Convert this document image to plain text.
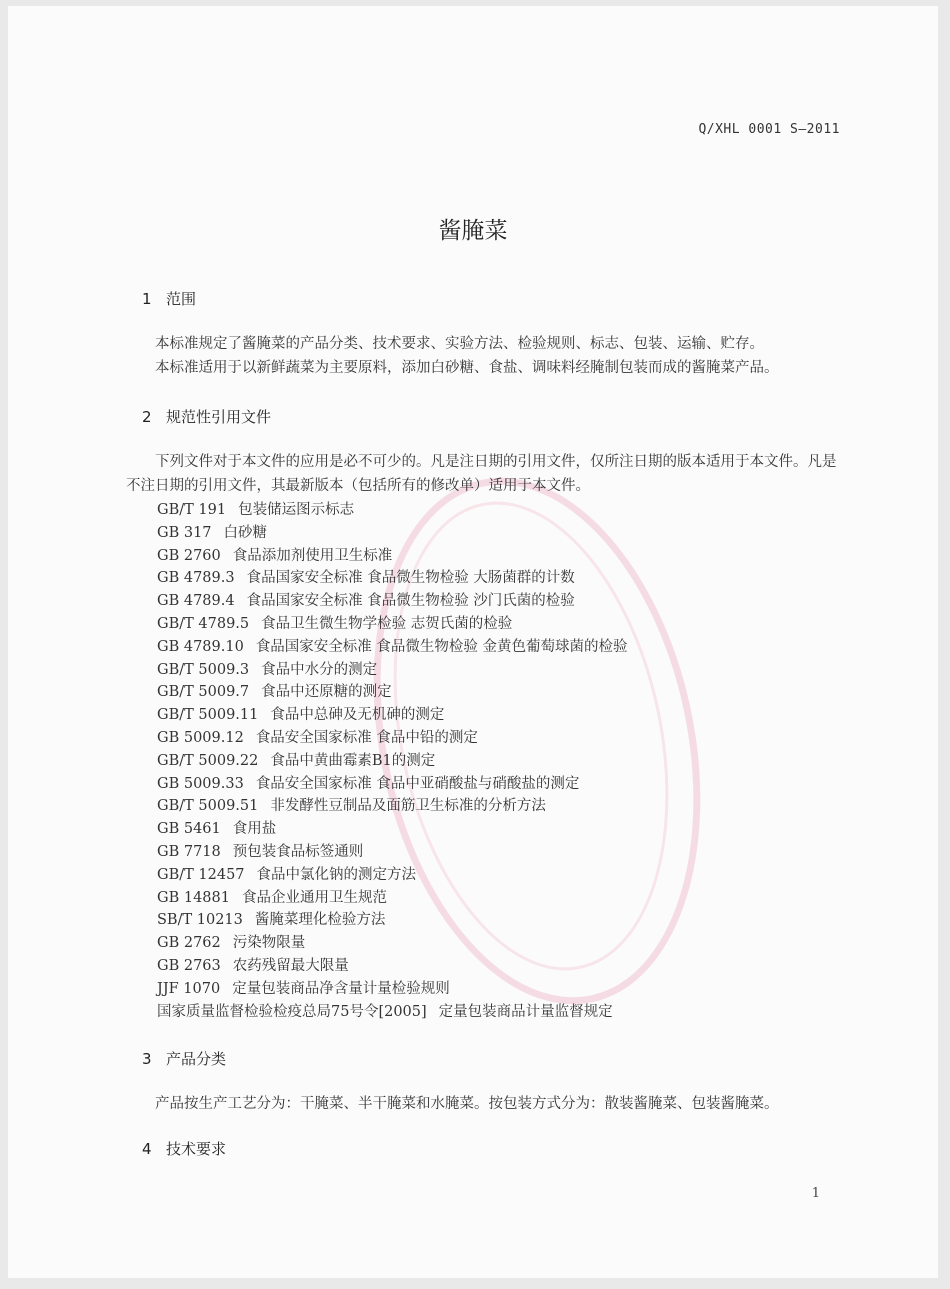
Q/XHL 0001 S—2011
酱腌菜
1 范围
本标准规定了酱腌菜的产品分类、技术要求、实验方法、检验规则、标志、包装、运输、贮存。
本标准适用于以新鲜蔬菜为主要原料，添加白砂糖、食盐、调味料经腌制包装而成的酱腌菜产品。
2 规范性引用文件
下列文件对于本文件的应用是必不可少的。凡是注日期的引用文件，仅所注日期的版本适用于本文件。凡是不注日期的引用文件，其最新版本（包括所有的修改单）适用于本文件。
GB/T 191 包装储运图示标志
GB 317 白砂糖
GB 2760 食品添加剂使用卫生标准
GB 4789.3 食品国家安全标准 食品微生物检验 大肠菌群的计数
GB 4789.4 食品国家安全标准 食品微生物检验 沙门氏菌的检验
GB/T 4789.5 食品卫生微生物学检验 志贺氏菌的检验
GB 4789.10 食品国家安全标准 食品微生物检验 金黄色葡萄球菌的检验
GB/T 5009.3 食品中水分的测定
GB/T 5009.7 食品中还原糖的测定
GB/T 5009.11 食品中总砷及无机砷的测定
GB 5009.12 食品安全国家标准 食品中铅的测定
GB/T 5009.22 食品中黄曲霉素B1的测定
GB 5009.33 食品安全国家标准 食品中亚硝酸盐与硝酸盐的测定
GB/T 5009.51 非发酵性豆制品及面筋卫生标准的分析方法
GB 5461 食用盐
GB 7718 预包装食品标签通则
GB/T 12457 食品中氯化钠的测定方法
GB 14881 食品企业通用卫生规范
SB/T 10213 酱腌菜理化检验方法
GB 2762 污染物限量
GB 2763 农药残留最大限量
JJF 1070 定量包装商品净含量计量检验规则
国家质量监督检验检疫总局75号令[2005] 定量包装商品计量监督规定
3 产品分类
产品按生产工艺分为：干腌菜、半干腌菜和水腌菜。按包装方式分为：散装酱腌菜、包装酱腌菜。
4 技术要求
1
